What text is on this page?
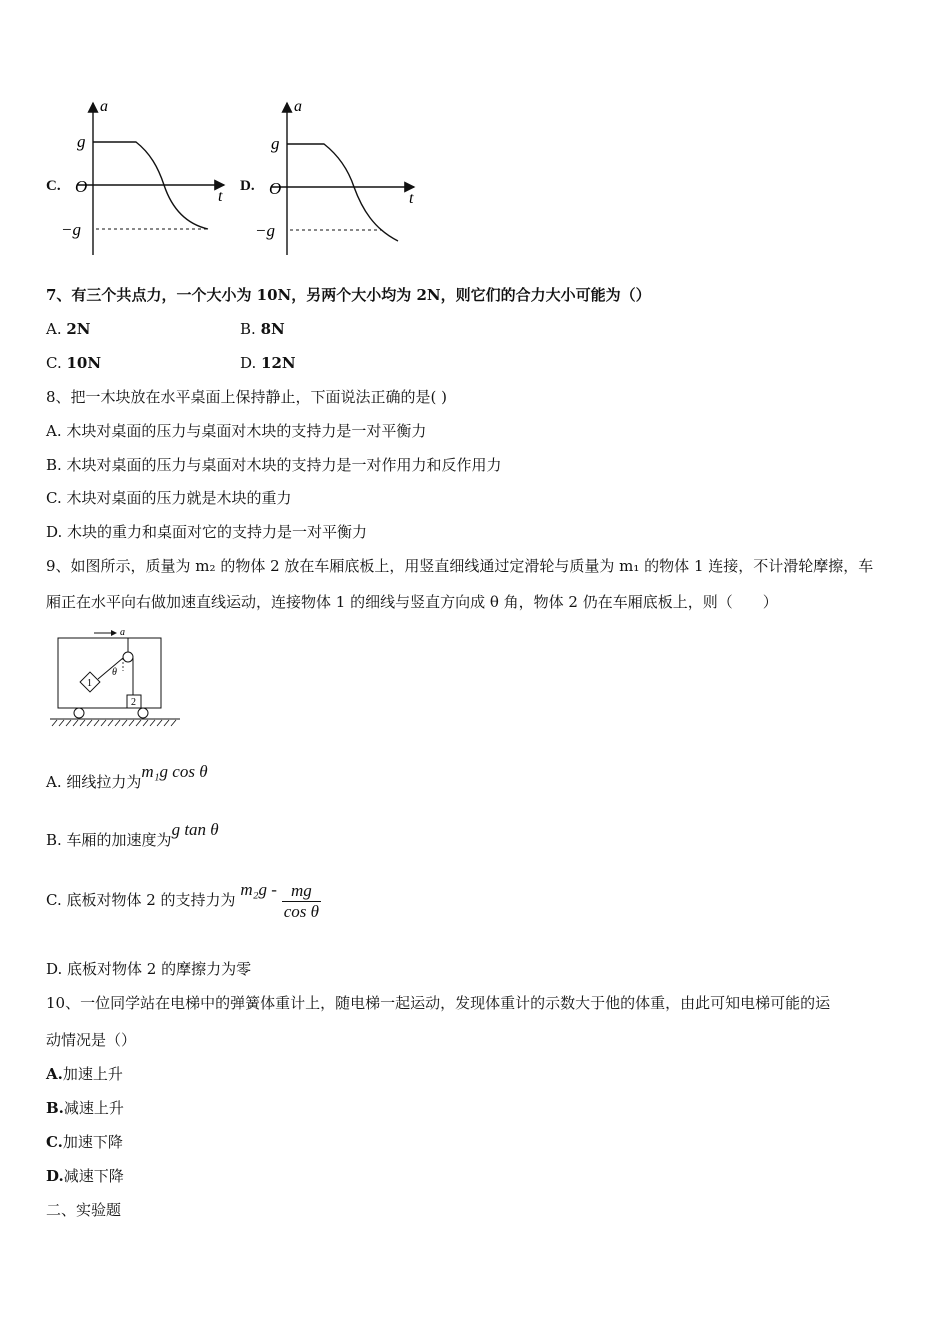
C.
a
t
g
O
−g
D.
a
t
g
O
−g
7、有三个共点力，一个大小为 10N，另两个大小均为 2N，则它们的合力大小可能为（）
A. 2N	B. 8N
C. 10N	D. 12N
8、把一木块放在水平桌面上保持静止，下面说法正确的是( )
A. 木块对桌面的压力与桌面对木块的支持力是一对平衡力
B. 木块对桌面的压力与桌面对木块的支持力是一对作用力和反作用力
C. 木块对桌面的压力就是木块的重力
D. 木块的重力和桌面对它的支持力是一对平衡力
9、如图所示，质量为 m₂ 的物体 2 放在车厢底板上，用竖直细线通过定滑轮与质量为 m₁ 的物体 1 连接，不计滑轮摩擦，车
厢正在水平向右做加速直线运动，连接物体 1 的细线与竖直方向成 θ 角，物体 2 仍在车厢底板上，则（　　）
a
1
θ
2
A. 细线拉力为m₁g cos θ
B. 车厢的加速度为g tan θ
C. 底板对物体 2 的支持力为 $m_2g - \frac{mg}{\text{cos θ}}$
D. 底板对物体 2 的摩擦力为零
10、一位同学站在电梯中的弹簧体重计上，随电梯一起运动，发现体重计的示数大于他的体重，由此可知电梯可能的运
动情况是（）
A.加速上升
B.减速上升
C.加速下降
D.减速下降
二、实验题
